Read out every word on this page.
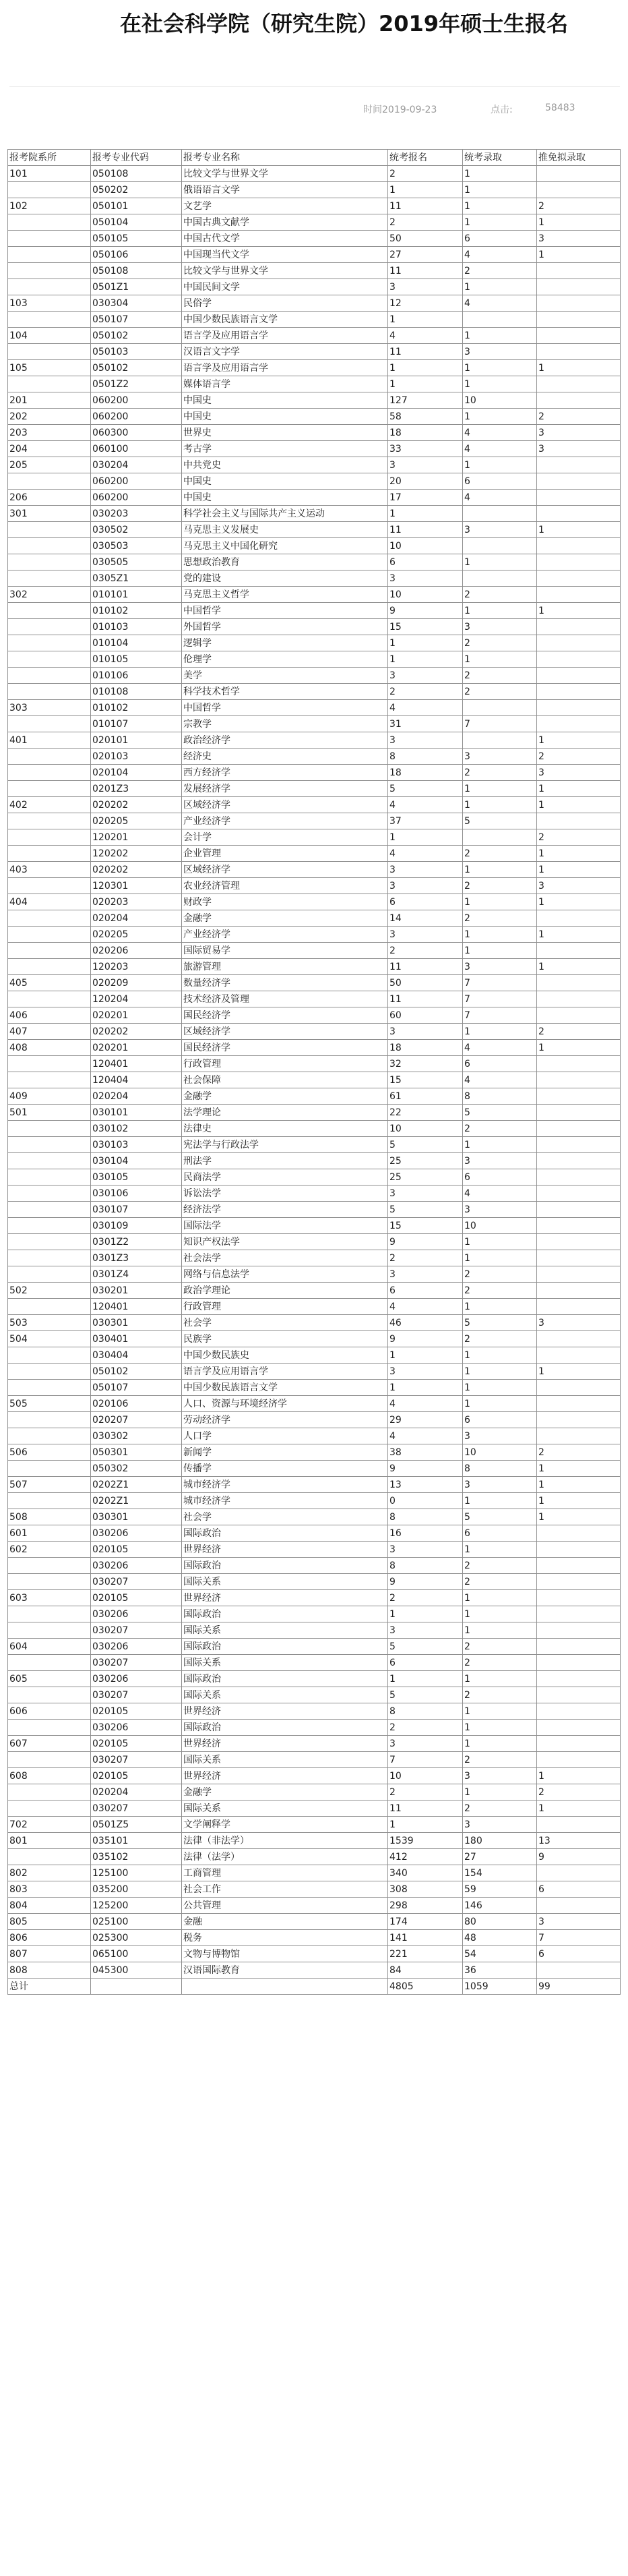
在社会科学院（研究生院）2019年硕士生报名
时间2019-09-23	点击:	58483
报考院系所	报考专业代码	报考专业名称	统考报名	统考录取	推免拟录取
101	050108	比较文学与世界文学	2	1	
	050202	俄语语言文学	1	1	
102	050101	文艺学	11	1	2
	050104	中国古典文献学	2	1	1
	050105	中国古代文学	50	6	3
	050106	中国现当代文学	27	4	1
	050108	比较文学与世界文学	11	2	
	0501Z1	中国民间文学	3	1	
103	030304	民俗学	12	4	
	050107	中国少数民族语言文学	1		
104	050102	语言学及应用语言学	4	1	
	050103	汉语言文字学	11	3	
105	050102	语言学及应用语言学	1	1	1
	0501Z2	媒体语言学	1	1	
201	060200	中国史	127	10	
202	060200	中国史	58	1	2
203	060300	世界史	18	4	3
204	060100	考古学	33	4	3
205	030204	中共党史	3	1	
	060200	中国史	20	6	
206	060200	中国史	17	4	
301	030203	科学社会主义与国际共产主义运动	1		
	030502	马克思主义发展史	11	3	1
	030503	马克思主义中国化研究	10		
	030505	思想政治教育	6	1	
	0305Z1	党的建设	3		
302	010101	马克思主义哲学	10	2	
	010102	中国哲学	9	1	1
	010103	外国哲学	15	3	
	010104	逻辑学	1	2	
	010105	伦理学	1	1	
	010106	美学	3	2	
	010108	科学技术哲学	2	2	
303	010102	中国哲学	4		
	010107	宗教学	31	7	
401	020101	政治经济学	3		1
	020103	经济史	8	3	2
	020104	西方经济学	18	2	3
	0201Z3	发展经济学	5	1	1
402	020202	区域经济学	4	1	1
	020205	产业经济学	37	5	
	120201	会计学	1		2
	120202	企业管理	4	2	1
403	020202	区域经济学	3	1	1
	120301	农业经济管理	3	2	3
404	020203	财政学	6	1	1
	020204	金融学	14	2	
	020205	产业经济学	3	1	1
	020206	国际贸易学	2	1	
	120203	旅游管理	11	3	1
405	020209	数量经济学	50	7	
	120204	技术经济及管理	11	7	
406	020201	国民经济学	60	7	
407	020202	区域经济学	3	1	2
408	020201	国民经济学	18	4	1
	120401	行政管理	32	6	
	120404	社会保障	15	4	
409	020204	金融学	61	8	
501	030101	法学理论	22	5	
	030102	法律史	10	2	
	030103	宪法学与行政法学	5	1	
	030104	刑法学	25	3	
	030105	民商法学	25	6	
	030106	诉讼法学	3	4	
	030107	经济法学	5	3	
	030109	国际法学	15	10	
	0301Z2	知识产权法学	9	1	
	0301Z3	社会法学	2	1	
	0301Z4	网络与信息法学	3	2	
502	030201	政治学理论	6	2	
	120401	行政管理	4	1	
503	030301	社会学	46	5	3
504	030401	民族学	9	2	
	030404	中国少数民族史	1	1	
	050102	语言学及应用语言学	3	1	1
	050107	中国少数民族语言文学	1	1	
505	020106	人口、资源与环境经济学	4	1	
	020207	劳动经济学	29	6	
	030302	人口学	4	3	
506	050301	新闻学	38	10	2
	050302	传播学	9	8	1
507	0202Z1	城市经济学	13	3	1
	0202Z1	城市经济学	0	1	1
508	030301	社会学	8	5	1
601	030206	国际政治	16	6	
602	020105	世界经济	3	1	
	030206	国际政治	8	2	
	030207	国际关系	9	2	
603	020105	世界经济	2	1	
	030206	国际政治	1	1	
	030207	国际关系	3	1	
604	030206	国际政治	5	2	
	030207	国际关系	6	2	
605	030206	国际政治	1	1	
	030207	国际关系	5	2	
606	020105	世界经济	8	1	
	030206	国际政治	2	1	
607	020105	世界经济	3	1	
	030207	国际关系	7	2	
608	020105	世界经济	10	3	1
	020204	金融学	2	1	2
	030207	国际关系	11	2	1
702	0501Z5	文学阐释学	1	3	
801	035101	法律（非法学）	1539	180	13
	035102	法律（法学）	412	27	9
802	125100	工商管理	340	154	
803	035200	社会工作	308	59	6
804	125200	公共管理	298	146	
805	025100	金融	174	80	3
806	025300	税务	141	48	7
807	065100	文物与博物馆	221	54	6
808	045300	汉语国际教育	84	36	
总计			4805	1059	99
